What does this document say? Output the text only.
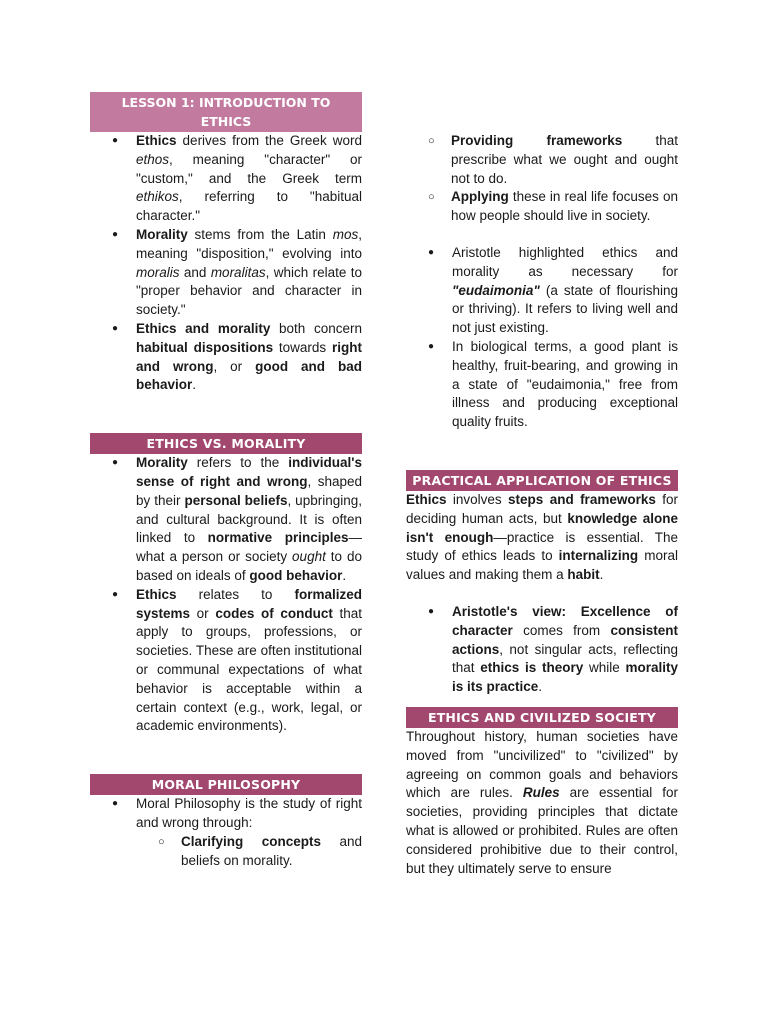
LESSON 1: INTRODUCTION TO ETHICS
● Ethics derives from the Greek word ethos, meaning "character" or "custom," and the Greek term ethikos, referring to "habitual character."
● Morality stems from the Latin mos, meaning "disposition," evolving into moralis and moralitas, which relate to "proper behavior and character in society."
● Ethics and morality both concern habitual dispositions towards right and wrong, or good and bad behavior.
ETHICS VS. MORALITY
● Morality refers to the individual's sense of right and wrong, shaped by their personal beliefs, upbringing, and cultural background. It is often linked to normative principles—what a person or society ought to do based on ideals of good behavior.
● Ethics relates to formalized systems or codes of conduct that apply to groups, professions, or societies. These are often institutional or communal expectations of what behavior is acceptable within a certain context (e.g., work, legal, or academic environments).
MORAL PHILOSOPHY
● Moral Philosophy is the study of right and wrong through:
○ Clarifying concepts and beliefs on morality.
○ Providing frameworks that prescribe what we ought and ought not to do.
○ Applying these in real life focuses on how people should live in society.
● Aristotle highlighted ethics and morality as necessary for "eudaimonia" (a state of flourishing or thriving). It refers to living well and not just existing.
● In biological terms, a good plant is healthy, fruit-bearing, and growing in a state of "eudaimonia," free from illness and producing exceptional quality fruits.
PRACTICAL APPLICATION OF ETHICS
Ethics involves steps and frameworks for deciding human acts, but knowledge alone isn't enough—practice is essential. The study of ethics leads to internalizing moral values and making them a habit.
● Aristotle's view: Excellence of character comes from consistent actions, not singular acts, reflecting that ethics is theory while morality is its practice.
ETHICS AND CIVILIZED SOCIETY
Throughout history, human societies have moved from "uncivilized" to "civilized" by agreeing on common goals and behaviors which are rules. Rules are essential for societies, providing principles that dictate what is allowed or prohibited. Rules are often considered prohibitive due to their control, but they ultimately serve to ensure
